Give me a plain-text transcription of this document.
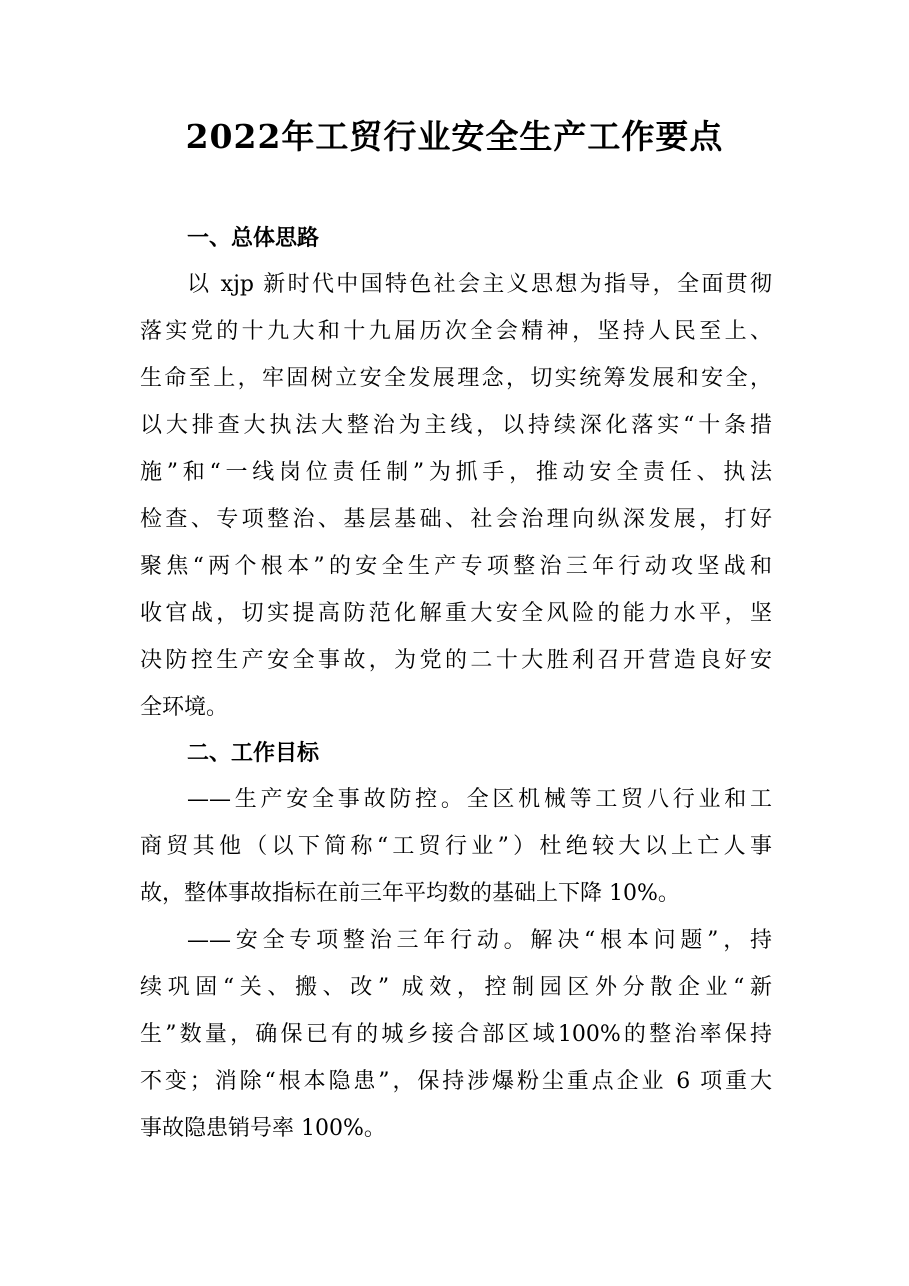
2022年工贸行业安全生产工作要点
一、总体思路
以 xjp 新时代中国特色社会主义思想为指导，全面贯彻
落实党的十九大和十九届历次全会精神，坚持人民至上、
生命至上，牢固树立安全发展理念，切实统筹发展和安全，
以大排查大执法大整治为主线，以持续深化落实“十条措
施”和“一线岗位责任制”为抓手，推动安全责任、执法
检查、专项整治、基层基础、社会治理向纵深发展，打好
聚焦“两个根本”的安全生产专项整治三年行动攻坚战和
收官战，切实提高防范化解重大安全风险的能力水平，坚
决防控生产安全事故，为党的二十大胜利召开营造良好安
全环境。
二、工作目标
——生产安全事故防控。全区机械等工贸八行业和工
商贸其他（以下简称“工贸行业”）杜绝较大以上亡人事
故，整体事故指标在前三年平均数的基础上下降 10%。
——安全专项整治三年行动。解决“根本问题”，持
续巩固“关、搬、改” 成效，控制园区外分散企业“新
生”数量，确保已有的城乡接合部区域100%的整治率保持
不变；消除“根本隐患”，保持涉爆粉尘重点企业 6 项重大
事故隐患销号率 100%。
